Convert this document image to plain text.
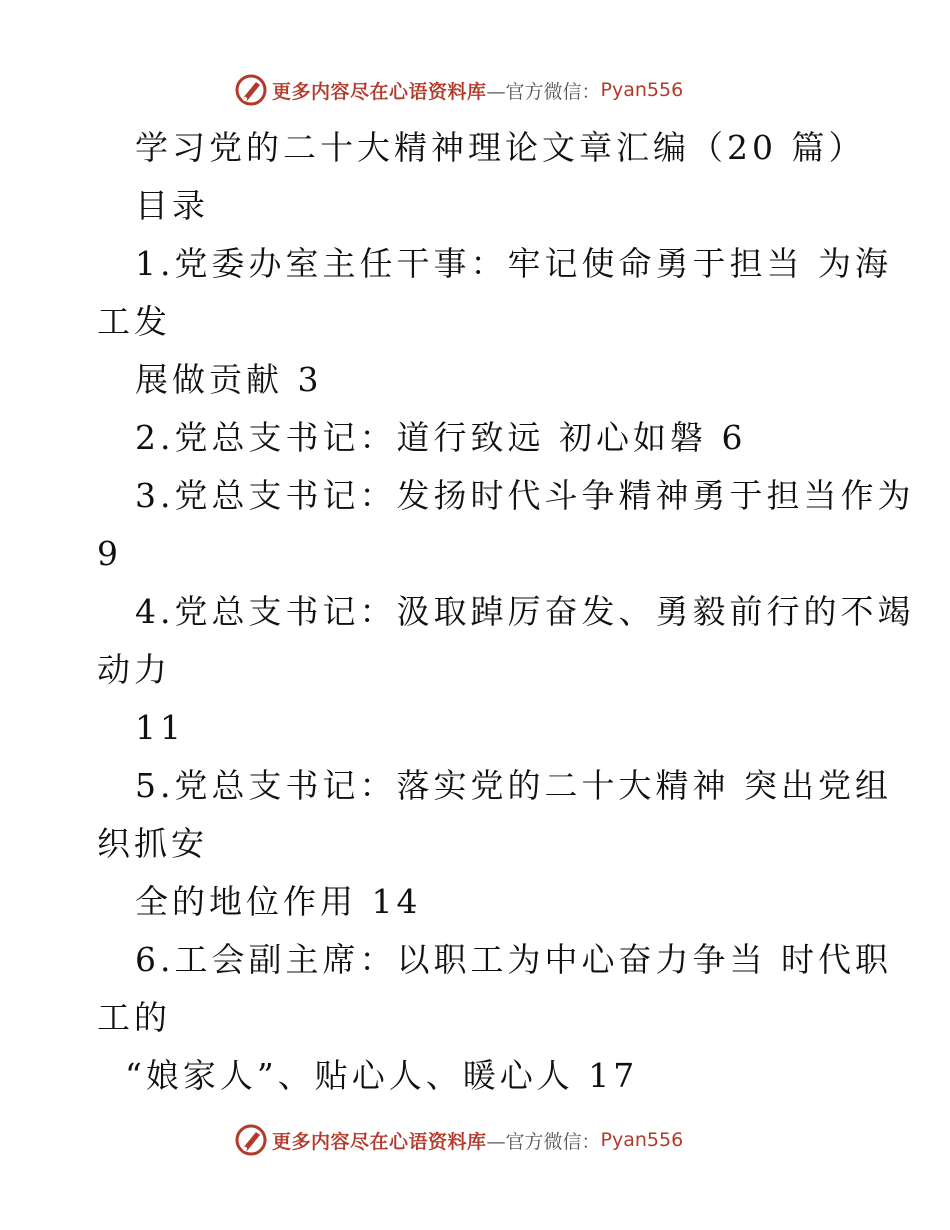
更多内容尽在心语资料库 —官方微信： Pyan556
学习党的二十大精神理论文章汇编（20 篇）
目录
1.党委办室主任干事：牢记使命勇于担当 为海
工发
展做贡献 3
2.党总支书记：道行致远 初心如磐 6
3.党总支书记：发扬时代斗争精神勇于担当作为
9
4.党总支书记：汲取踔厉奋发、勇毅前行的不竭
动力
11
5.党总支书记：落实党的二十大精神 突出党组
织抓安
全的地位作用 14
6.工会副主席：以职工为中心奋力争当 时代职
工的
“娘家人”、贴心人、暖心人 17
更多内容尽在心语资料库 —官方微信： Pyan556
